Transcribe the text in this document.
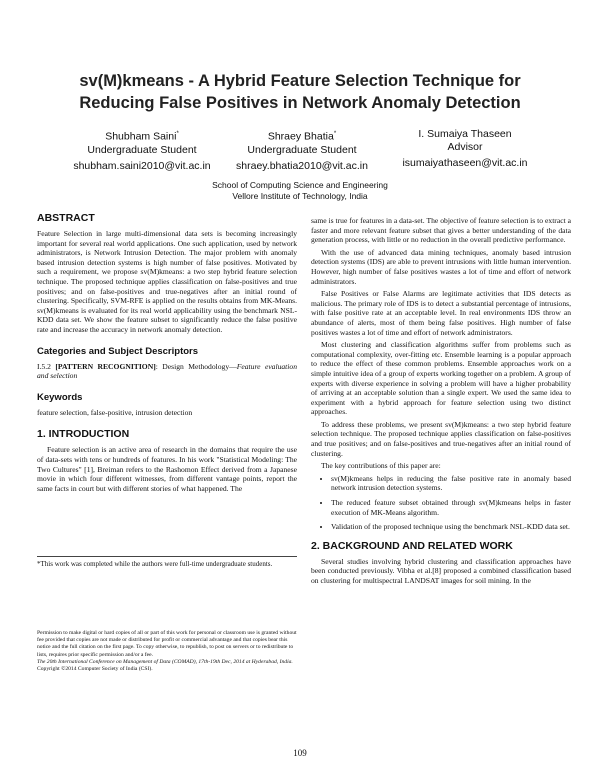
sv(M)kmeans - A Hybrid Feature Selection Technique for
Reducing False Positives in Network Anomaly Detection
Shubham Saini*
Undergraduate Student
shubham.saini2010@vit.ac.in
Shraey Bhatia*
Undergraduate Student
shraey.bhatia2010@vit.ac.in
I. Sumaiya Thaseen
Advisor
isumaiyathaseen@vit.ac.in
School of Computing Science and Engineering
Vellore Institute of Technology, India
ABSTRACT

Feature Selection in large multi-dimensional data sets is becoming increasingly important for several real world applications. One such application, used by network administrators, is Network Intrusion Detection. The major problem with anomaly based intrusion detection systems is high number of false positives. Motivated by such a requirement, we propose sv(M)kmeans: a two step hybrid feature selection technique. The proposed technique applies classification on false-positives and true positives; and on false-positives and true-negatives after an initial round of clustering. Specifically, SVM-RFE is applied on the results obtains from MK-Means. sv(M)kmeans is evaluated for its real world applicability using the benchmark NSL-KDD data set. We show the feature subset to significantly reduce the false positive rate and increase the accuracy in network anomaly detection.

Categories and Subject Descriptors

I.5.2 [PATTERN RECOGNITION]: Design Methodology—Feature evaluation and selection

Keywords

feature selection, false-positive, intrusion detection

1. INTRODUCTION

Feature selection is an active area of research in the domains that require the use of data-sets with tens or hundreds of features. In his work "Statistical Modeling: The Two Cultures" [1], Breiman refers to the Rashomon Effect derived from a Japanese movie in which four different witnesses, from different vantage points, report the same facts in court but with different stories of what happened. The

*This work was completed while the authors were full-time undergraduate students.

Permission to make digital or hard copies of all or part of this work for personal or classroom use is granted without fee provided that copies are not made or distributed for profit or commercial advantage and that copies bear this notice and the full citation on the first page. To copy otherwise, to republish, to post on servers or to redistribute to lists, requires prior specific permission and/or a fee.

The 20th International Conference on Management of Data (COMAD), 17th-19th Dec, 2014 at Hyderabad, India.

Copyright ©2014 Computer Society of India (CSI).

same is true for features in a data-set. The objective of feature selection is to extract a faster and more relevant feature subset that gives a better understanding of the data generation process, with little or no reduction in the overall predictive performance.

With the use of advanced data mining techniques, anomaly based intrusion detection systems (IDS) are able to prevent intrusions with little human intervention. However, high number of false positives wastes a lot of time and effort of network administrators.

False Positives or False Alarms are legitimate activities that IDS detects as malicious. The primary role of IDS is to detect a substantial percentage of intrusions, with false positive rate at an acceptable level. In real environments IDS throw an abundance of alerts, most of them being false positives. High number of false positives wastes a lot of time and effort of network administrators.

Most clustering and classification algorithms suffer from problems such as computational complexity, over-fitting etc. Ensemble learning is a popular approach to reduce the effect of these common problems. Ensemble approaches work on a simple intuitive idea of a group of experts working together on a problem. A group of experts with diverse experience in solving a problem will have a higher probability of arriving at an acceptable solution than a single expert. We used the same idea to experiment with a hybrid approach for feature selection using two distinct approaches.

To address these problems, we present sv(M)kmeans: a two step hybrid feature selection technique. The proposed technique applies classification on false-positives and true positives; and on false-positives and true-negatives after an initial round of clustering.

The key contributions of this paper are:

• sv(M)kmeans helps in reducing the false positive rate in anomaly based network intrusion detection systems.
• The reduced feature subset obtained through sv(M)kmeans helps in faster execution of MK-Means algorithm.
• Validation of the proposed technique using the benchmark NSL-KDD data set.
2. BACKGROUND AND RELATED WORK

Several studies involving hybrid clustering and classification approaches have been conducted previously. Vibha et al.[8] proposed a combined classification based on clustering for multispectral LANDSAT images for soil mining. In the

109
